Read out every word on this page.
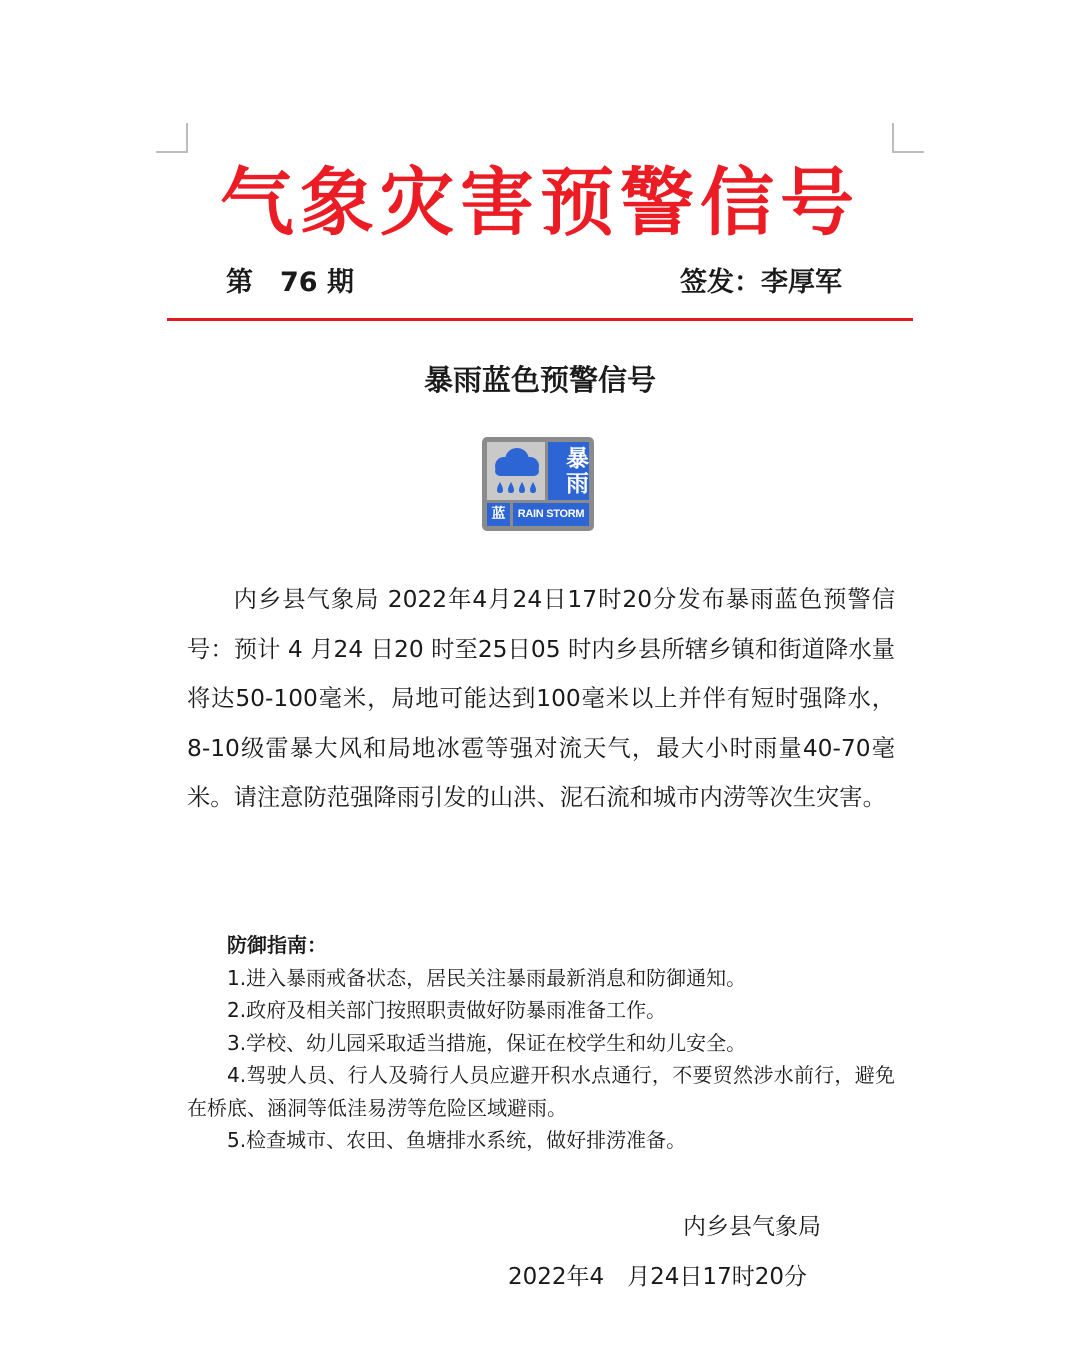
气象灾害预警信号
第　76 期	签发：李厚军
暴雨蓝色预警信号
暴雨
蓝	RAIN STORM

内乡县气象局 2022年4月24日17时20分发布暴雨蓝色预警信号：预计 4 月24 日20 时至25日05 时内乡县所辖乡镇和街道降水量将达50-100毫米，局地可能达到100毫米以上并伴有短时强降水，8-10级雷暴大风和局地冰雹等强对流天气，最大小时雨量40-70毫米。请注意防范强降雨引发的山洪、泥石流和城市内涝等次生灾害。

防御指南：

1.进入暴雨戒备状态，居民关注暴雨最新消息和防御通知。

2.政府及相关部门按照职责做好防暴雨准备工作。

3.学校、幼儿园采取适当措施，保证在校学生和幼儿安全。

4.驾驶人员、行人及骑行人员应避开积水点通行，不要贸然涉水前行，避免在桥底、涵洞等低洼易涝等危险区域避雨。

5.检查城市、农田、鱼塘排水系统，做好排涝准备。

内乡县气象局
2022年4　月24日17时20分
